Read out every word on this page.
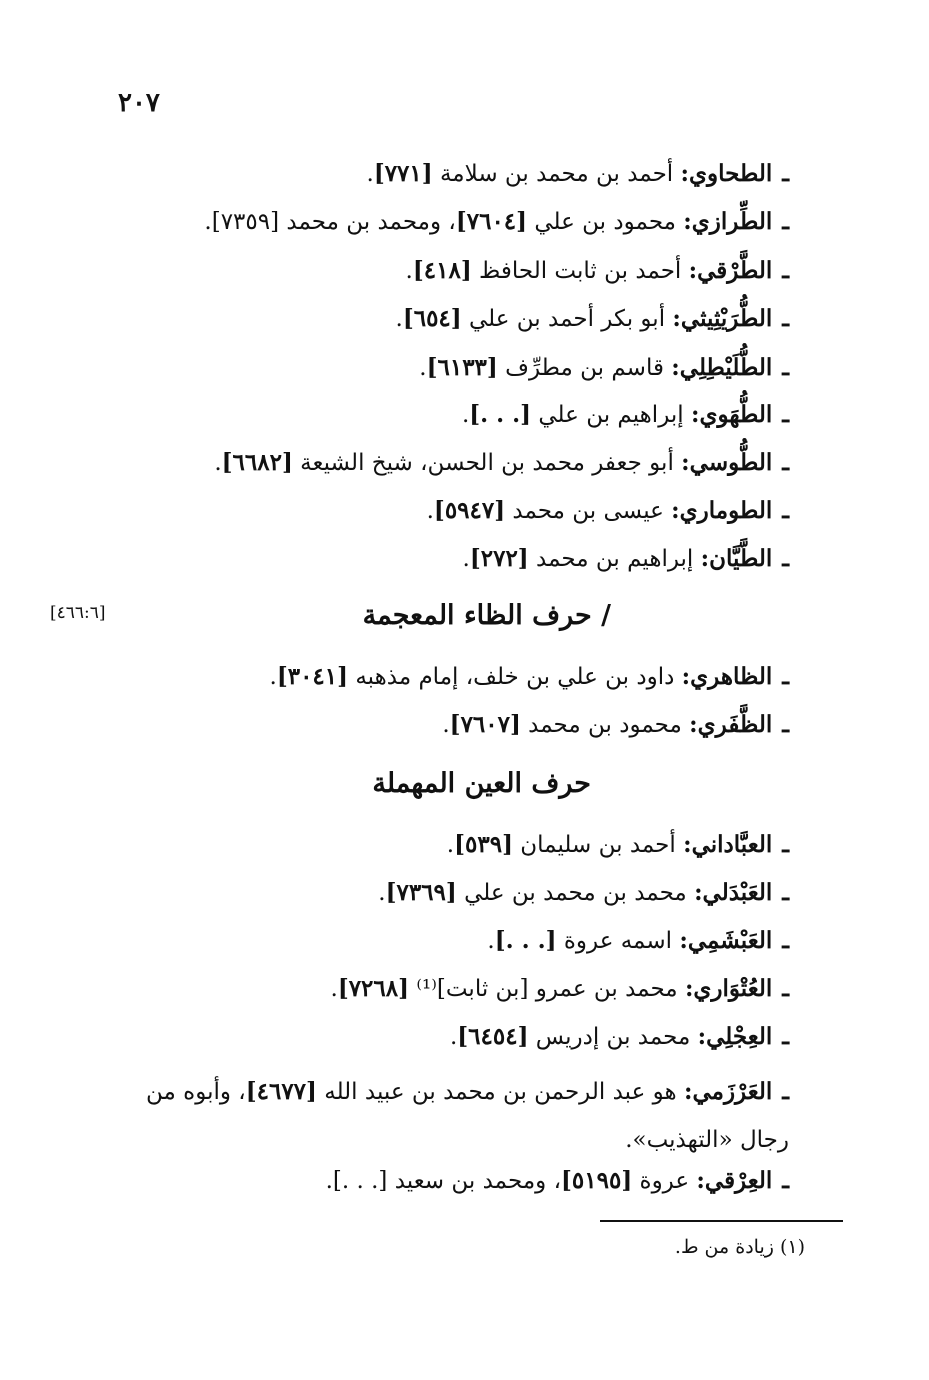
٢٠٧
ـالطحاوي: أحمد بن محمد بن سلامة [٧٧١].
ـالطِّرازي: محمود بن علي [٧٦٠٤]، ومحمد بن محمد [٧٣٥٩].
ـالطَّرْقي: أحمد بن ثابت الحافظ [٤١٨].
ـالطُّرَيْثِيثي: أبو بكر أحمد بن علي [٦٥٤].
ـالطُّلَيْطِلِي: قاسم بن مطرِّف [٦١٣٣].
ـالطُّهَوي: إبراهيم بن علي [. . .].
ـالطُّوسي: أبو جعفر محمد بن الحسن، شيخ الشيعة [٦٦٨٢].
ـالطوماري: عيسى بن محمد [٥٩٤٧].
ـالطَّيَّان: إبراهيم بن محمد [٢٧٢].
[٤٦٦:٦]	/ حرف الظاء المعجمة
ـالظاهري: داود بن علي بن خلف، إمام مذهبه [٣٠٤١].
ـالظَّفَري: محمود بن محمد [٧٦٠٧].
حرف العين المهملة
ـالعبَّاداني: أحمد بن سليمان [٥٣٩].
ـالعَبْدَلي: محمد بن محمد بن علي [٧٣٦٩].
ـالعَبْشَمِي: اسمه عروة [. . .].
ـالعُتْوَاري: محمد بن عمرو [بن ثابت]⁽¹⁾ [٧٢٦٨].
ـالعِجْلِي: محمد بن إدريس [٦٤٥٤].
ـالعَرْزَمي: هو عبد الرحمن بن محمد بن عبيد الله [٤٦٧٧]، وأبوه من رجال «التهذيب».
ـالعِرْقي: عروة [٥١٩٥]، ومحمد بن سعيد [. . .].
(١) زيادة من ط.
